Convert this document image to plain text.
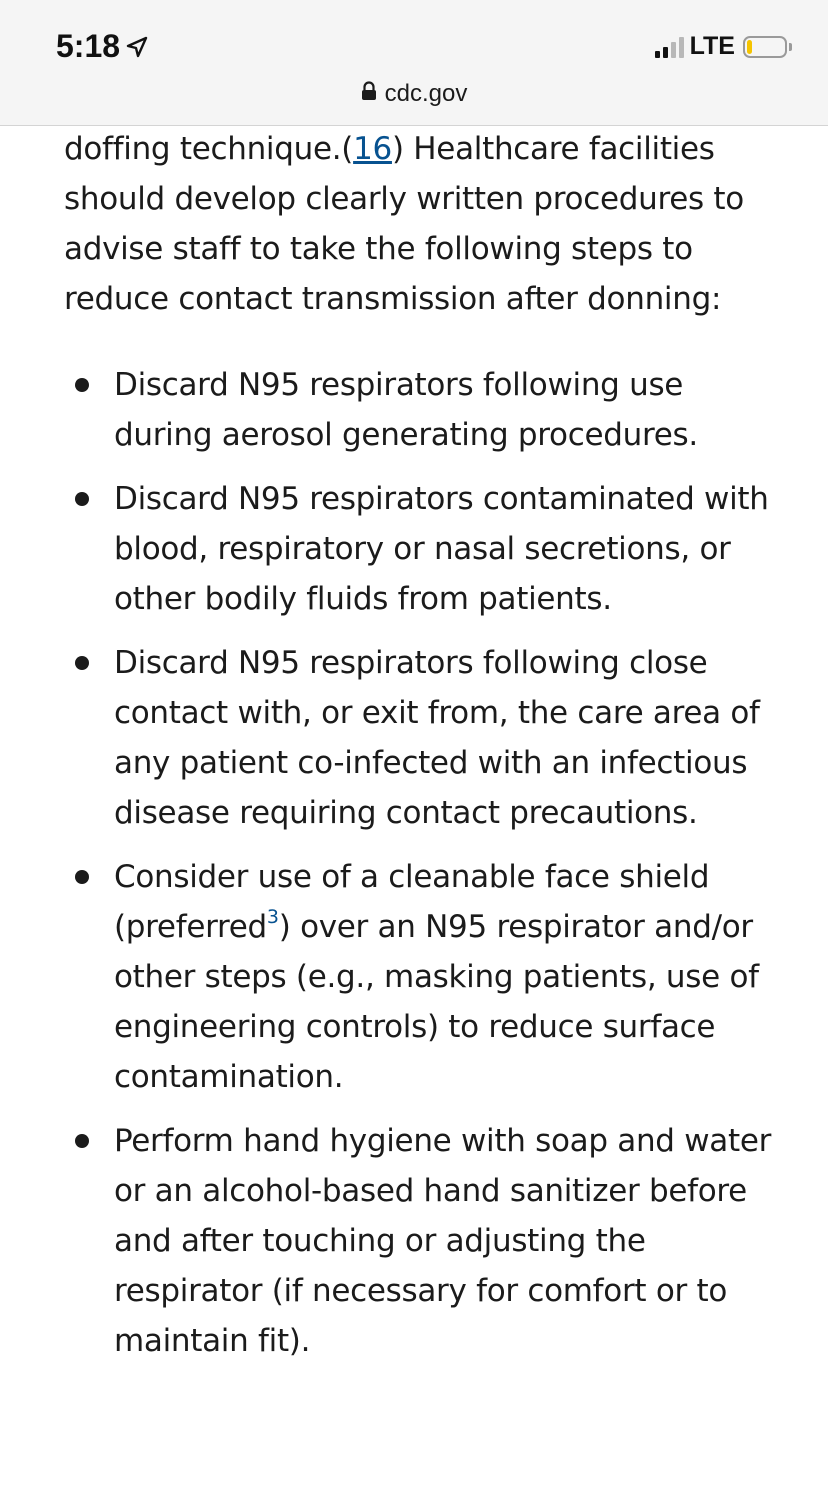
5:18	LTE
cdc.gov

doffing technique.(16) Healthcare facilities should develop clearly written procedures to advise staff to take the following steps to reduce contact transmission after donning:

Discard N95 respirators following use during aerosol generating procedures.
Discard N95 respirators contaminated with blood, respiratory or nasal secretions, or other bodily fluids from patients.
Discard N95 respirators following close contact with, or exit from, the care area of any patient co-infected with an infectious disease requiring contact precautions.
Consider use of a cleanable face shield (preferred$^3$) over an N95 respirator and/or other steps (e.g., masking patients, use of engineering controls) to reduce surface contamination.
Perform hand hygiene with soap and water or an alcohol-based hand sanitizer before and after touching or adjusting the respirator (if necessary for comfort or to maintain fit).
